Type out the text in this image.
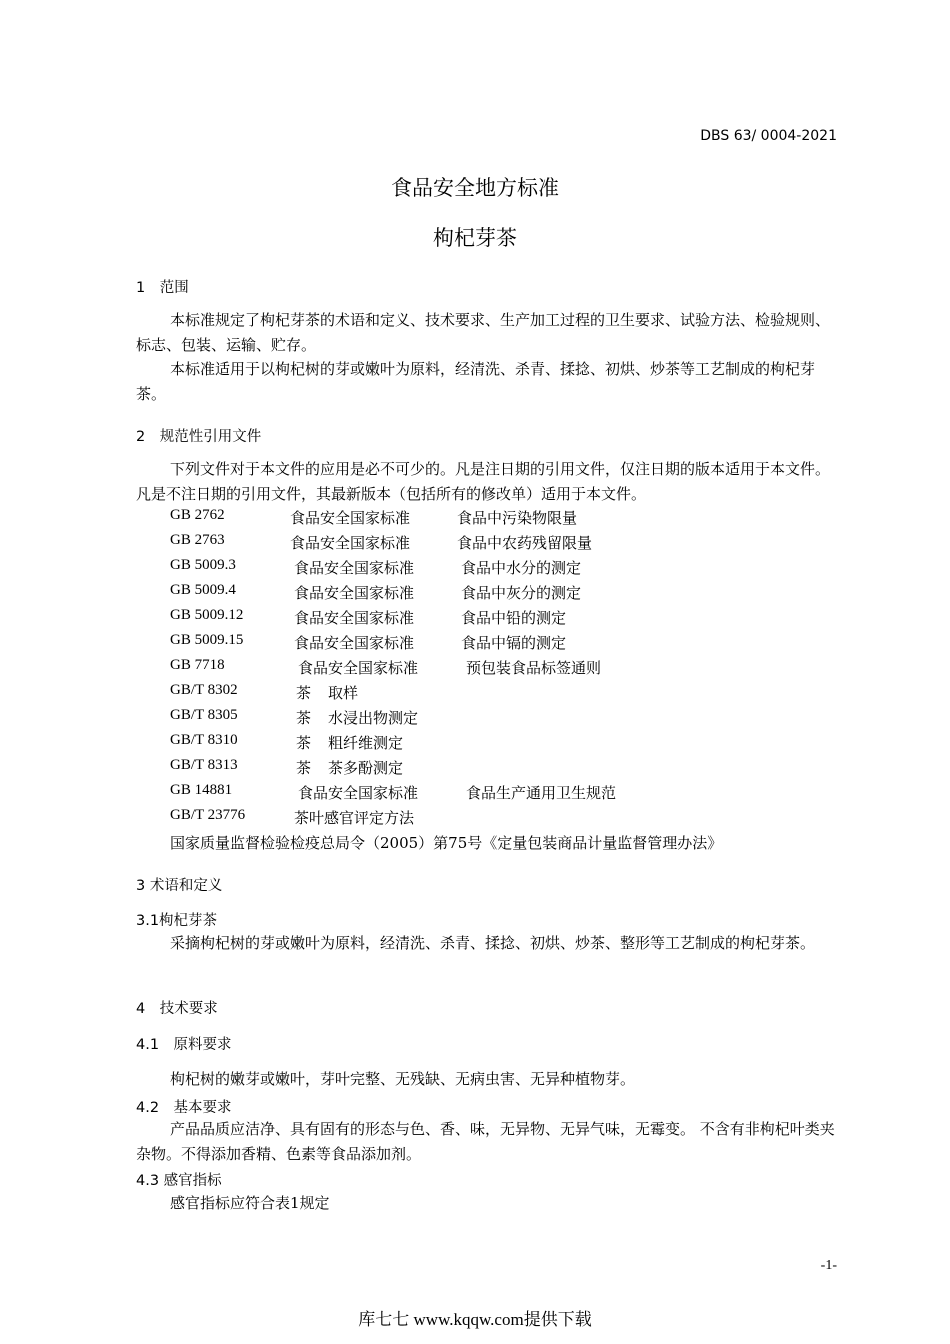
DBS 63/ 0004-2021
食品安全地方标准
枸杞芽茶
1　范围
本标准规定了枸杞芽茶的术语和定义、技术要求、生产加工过程的卫生要求、试验方法、检验规则、标志、包装、运输、贮存。
本标准适用于以枸杞树的芽或嫩叶为原料，经清洗、杀青、揉捻、初烘、炒茶等工艺制成的枸杞芽茶。
2　规范性引用文件
下列文件对于本文件的应用是必不可少的。凡是注日期的引用文件，仅注日期的版本适用于本文件。凡是不注日期的引用文件，其最新版本（包括所有的修改单）适用于本文件。
GB 2762	食品安全国家标准	食品中污染物限量
GB 2763	食品安全国家标准	食品中农药残留限量
GB 5009.3	食品安全国家标准	食品中水分的测定
GB 5009.4	食品安全国家标准	食品中灰分的测定
GB 5009.12	食品安全国家标准	食品中铅的测定
GB 5009.15	食品安全国家标准	食品中镉的测定
GB 7718	食品安全国家标准	预包装食品标签通则
GB/T 8302	茶 取样
GB/T 8305	茶 水浸出物测定
GB/T 8310	茶 粗纤维测定
GB/T 8313	茶 茶多酚测定
GB 14881	食品安全国家标准	食品生产通用卫生规范
GB/T 23776	茶叶感官评定方法
国家质量监督检验检疫总局令（2005）第75号《定量包装商品计量监督管理办法》
3 术语和定义
3.1枸杞芽茶
采摘枸杞树的芽或嫩叶为原料，经清洗、杀青、揉捻、初烘、炒茶、整形等工艺制成的枸杞芽茶。
4　技术要求
4.1　原料要求
枸杞树的嫩芽或嫩叶，芽叶完整、无残缺、无病虫害、无异种植物芽。
4.2　基本要求
产品品质应洁净、具有固有的形态与色、香、味，无异物、无异气味，无霉变。 不含有非枸杞叶类夹杂物。不得添加香精、色素等食品添加剂。
4.3 感官指标
感官指标应符合表1规定
-1-
库七七 www.kqqw.com提供下载
